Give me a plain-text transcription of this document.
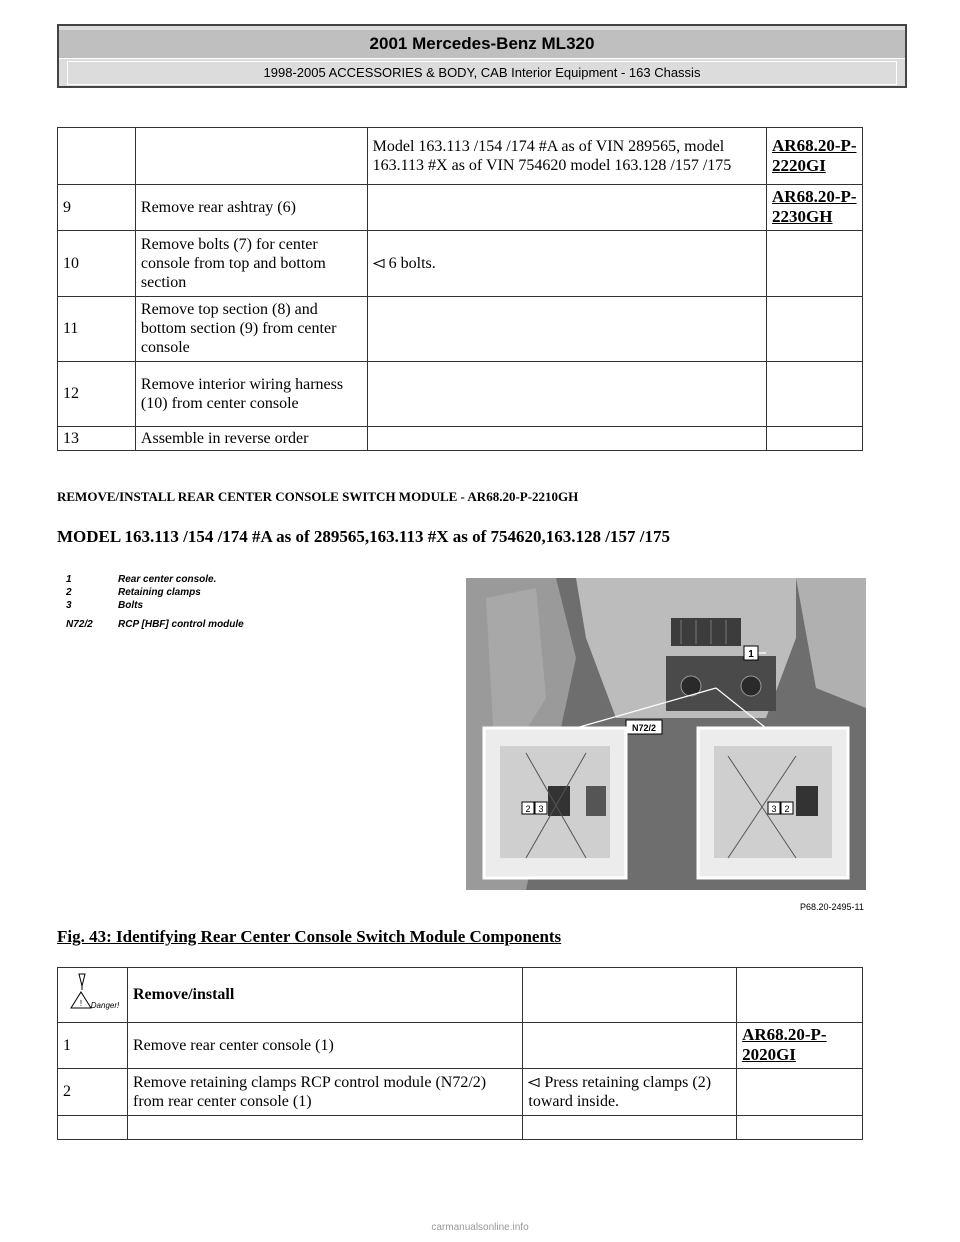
2001 Mercedes-Benz ML320
1998-2005 ACCESSORIES & BODY, CAB Interior Equipment - 163 Chassis
		Model 163.113 /154 /174 #A as of VIN 289565, model 163.113 #X as of VIN 754620 model 163.128 /157 /175	AR68.20-P-2220GI
9	Remove rear ashtray (6)		AR68.20-P-2230GH
10	Remove bolts (7) for center console from top and bottom section	6 bolts.	
11	Remove top section (8) and bottom section (9) from center console		
12	Remove interior wiring harness (10) from center console		
13	Assemble in reverse order		
REMOVE/INSTALL REAR CENTER CONSOLE SWITCH MODULE - AR68.20-P-2210GH
MODEL 163.113 /154 /174 #A as of 289565,163.113 #X as of 754620,163.128 /157 /175
1	Rear center console.
2	Retaining clamps
3	Bolts
N72/2	RCP [HBF] control module
1
N72/2
2 3	3 2
P68.20-2495-11
Fig. 43: Identifying Rear Center Console Switch Module Components
! Danger!	Remove/install		
1	Remove rear center console (1)		AR68.20-P-2020GI
2	Remove retaining clamps RCP control module (N72/2) from rear center console (1)	Press retaining clamps (2) toward inside.	

carmanualsonline.info
